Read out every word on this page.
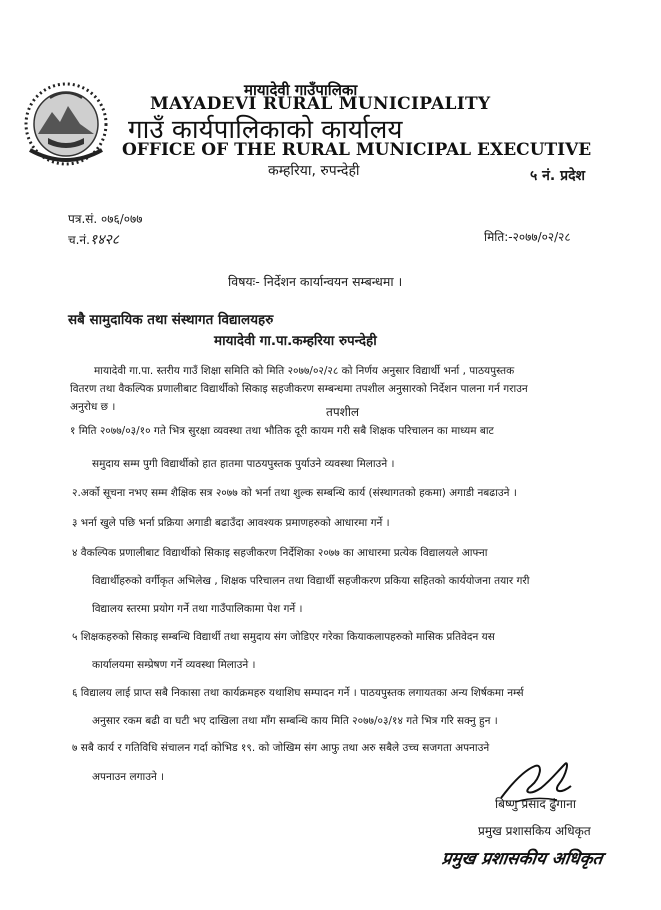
मायादेवी गाउँपालिका
MAYADEVI RURAL MUNICIPALITY
गाउँ कार्यपालिकाको कार्यालय
OFFICE OF THE RURAL MUNICIPAL EXECUTIVE
कम्हरिया, रुपन्देही	५ नं. प्रदेश
पत्र.सं. ०७६/०७७
च.नं.१४२८	मिति:-२०७७/०२/२८
विषयः- निर्देशन कार्यान्वयन सम्बन्धमा ।
सबै सामुदायिक तथा संस्थागत विद्यालयहरु
मायादेवी गा.पा.कम्हरिया रुपन्देही
मायादेवी गा.पा. स्तरीय गाउँ शिक्षा समिति को मिति २०७७/०२/२८ को निर्णय अनुसार विद्यार्थी भर्ना , पाठयपुस्तक
वितरण तथा वैकल्पिक प्रणालीबाट विद्यार्थीको सिकाइ सहजीकरण सम्बन्धमा तपशील अनुसारको निर्देशन पालना गर्न गराउन
अनुरोध छ ।	तपशील
१ मिति २०७७/०३/१० गते भित्र सुरक्षा व्यवस्था तथा भौतिक दूरी कायम गरी सबै शिक्षक परिचालन का माध्यम बाट
समुदाय सम्म पुगी विद्यार्थीको हात हातमा पाठयपुस्तक पुर्याउने व्यवस्था मिलाउने ।
२.अर्को सूचना नभए सम्म शैक्षिक सत्र २०७७ को भर्ना तथा शुल्क सम्बन्धि कार्य (संस्थागतको हकमा) अगाडी नबढाउने ।
३ भर्ना खुले पछि भर्ना प्रक्रिया अगाडी बढाउँदा आवश्यक प्रमाणहरुको आधारमा गर्ने ।
४ वैकल्पिक प्रणालीबाट विद्यार्थीको सिकाइ सहजीकरण निर्देशिका २०७७ का आधारमा प्रत्येक विद्यालयले आफ्ना
विद्यार्थीहरुको वर्गीकृत अभिलेख , शिक्षक परिचालन तथा विद्यार्थी सहजीकरण प्रकिया सहितको कार्ययोजना तयार गरी
विद्यालय स्तरमा प्रयोग गर्ने तथा गाउँपालिकामा पेश गर्ने ।
५ शिक्षकहरुको सिकाइ सम्बन्धि विद्यार्थी तथा समुदाय संग जोडिएर गरेका कियाकलापहरुको मासिक प्रतिवेदन यस
कार्यालयमा सम्प्रेषण गर्ने व्यवस्था मिलाउने ।
६ विद्यालय लाई प्राप्त सबै निकासा तथा कार्यक्रमहरु यथाशिघ सम्पादन गर्ने । पाठयपुस्तक लगायतका अन्य शिर्षकमा नर्म्स
अनुसार रकम बढी वा घटी भए दाखिला तथा माँग सम्बन्धि काय मिति २०७७/०३/१४ गते भित्र गरि सक्नु हुन ।
७ सबै कार्य र गतिविधि संचालन गर्दा कोभिड १९. को जोखिम संग आफु तथा अरु सबैले उच्च सजगता अपनाउने
अपनाउन लगाउने ।
बिष्णु प्रसाद ढुंगाना
प्रमुख प्रशासकिय अधिकृत
प्रमुख प्रशासकीय अधिकृत
